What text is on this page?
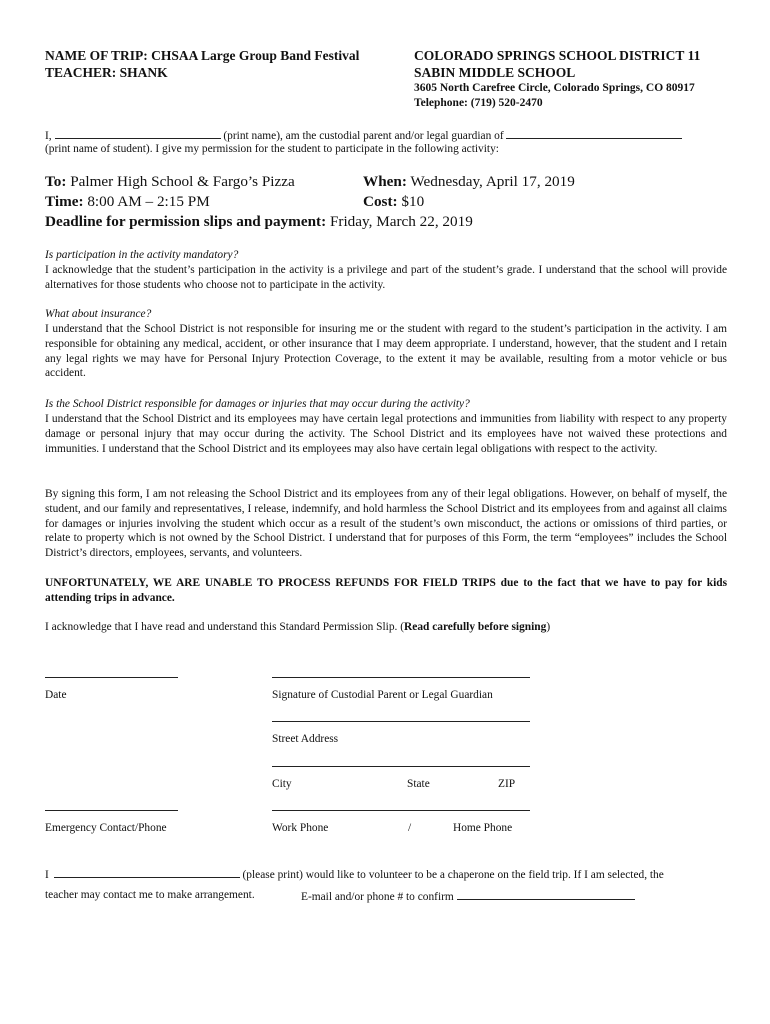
NAME OF TRIP: CHSAA Large Group Band Festival
TEACHER: SHANK
COLORADO SPRINGS SCHOOL DISTRICT 11
SABIN MIDDLE SCHOOL
3605 North Carefree Circle, Colorado Springs, CO 80917
Telephone: (719) 520-2470
I,	(print name), am the custodial parent and/or legal guardian of
(print name of student). I give my permission for the student to participate in the following activity:
To: Palmer High School & Fargo’s Pizza	When: Wednesday, April 17, 2019
Time: 8:00 AM – 2:15 PM	Cost: $10
Deadline for permission slips and payment: Friday, March 22, 2019
Is participation in the activity mandatory?
I acknowledge that the student’s participation in the activity is a privilege and part of the student’s grade. I understand that the school will provide alternatives for those students who choose not to participate in the activity.
What about insurance?
I understand that the School District is not responsible for insuring me or the student with regard to the student’s participation in the activity. I am responsible for obtaining any medical, accident, or other insurance that I may deem appropriate. I understand, however, that the student and I retain any legal rights we may have for Personal Injury Protection Coverage, to the extent it may be available, resulting from a motor vehicle or bus accident.
Is the School District responsible for damages or injuries that may occur during the activity?
I understand that the School District and its employees may have certain legal protections and immunities from liability with respect to any property damage or personal injury that may occur during the activity. The School District and its employees have not waived these protections and immunities. I understand that the School District and its employees may also have certain legal obligations with respect to the activity.
By signing this form, I am not releasing the School District and its employees from any of their legal obligations. However, on behalf of myself, the student, and our family and representatives, I release, indemnify, and hold harmless the School District and its employees from and against all claims for damages or injuries involving the student which occur as a result of the student’s own misconduct, the actions or omissions of third parties, or relate to property which is not owned by the School District. I understand that for purposes of this Form, the term “employees” includes the School District’s directors, employees, servants, and volunteers.
UNFORTUNATELY, WE ARE UNABLE TO PROCESS REFUNDS FOR FIELD TRIPS due to the fact that we have to pay for kids attending trips in advance.
I acknowledge that I have read and understand this Standard Permission Slip. (Read carefully before signing)
Date	Signature of Custodial Parent or Legal Guardian
Street Address
City	State	ZIP
Emergency Contact/Phone	Work Phone	/	Home Phone
I	(please print) would like to volunteer to be a chaperone on the field trip. If I am selected, the
teacher may contact me to make arrangement.	E-mail and/or phone # to confirm
